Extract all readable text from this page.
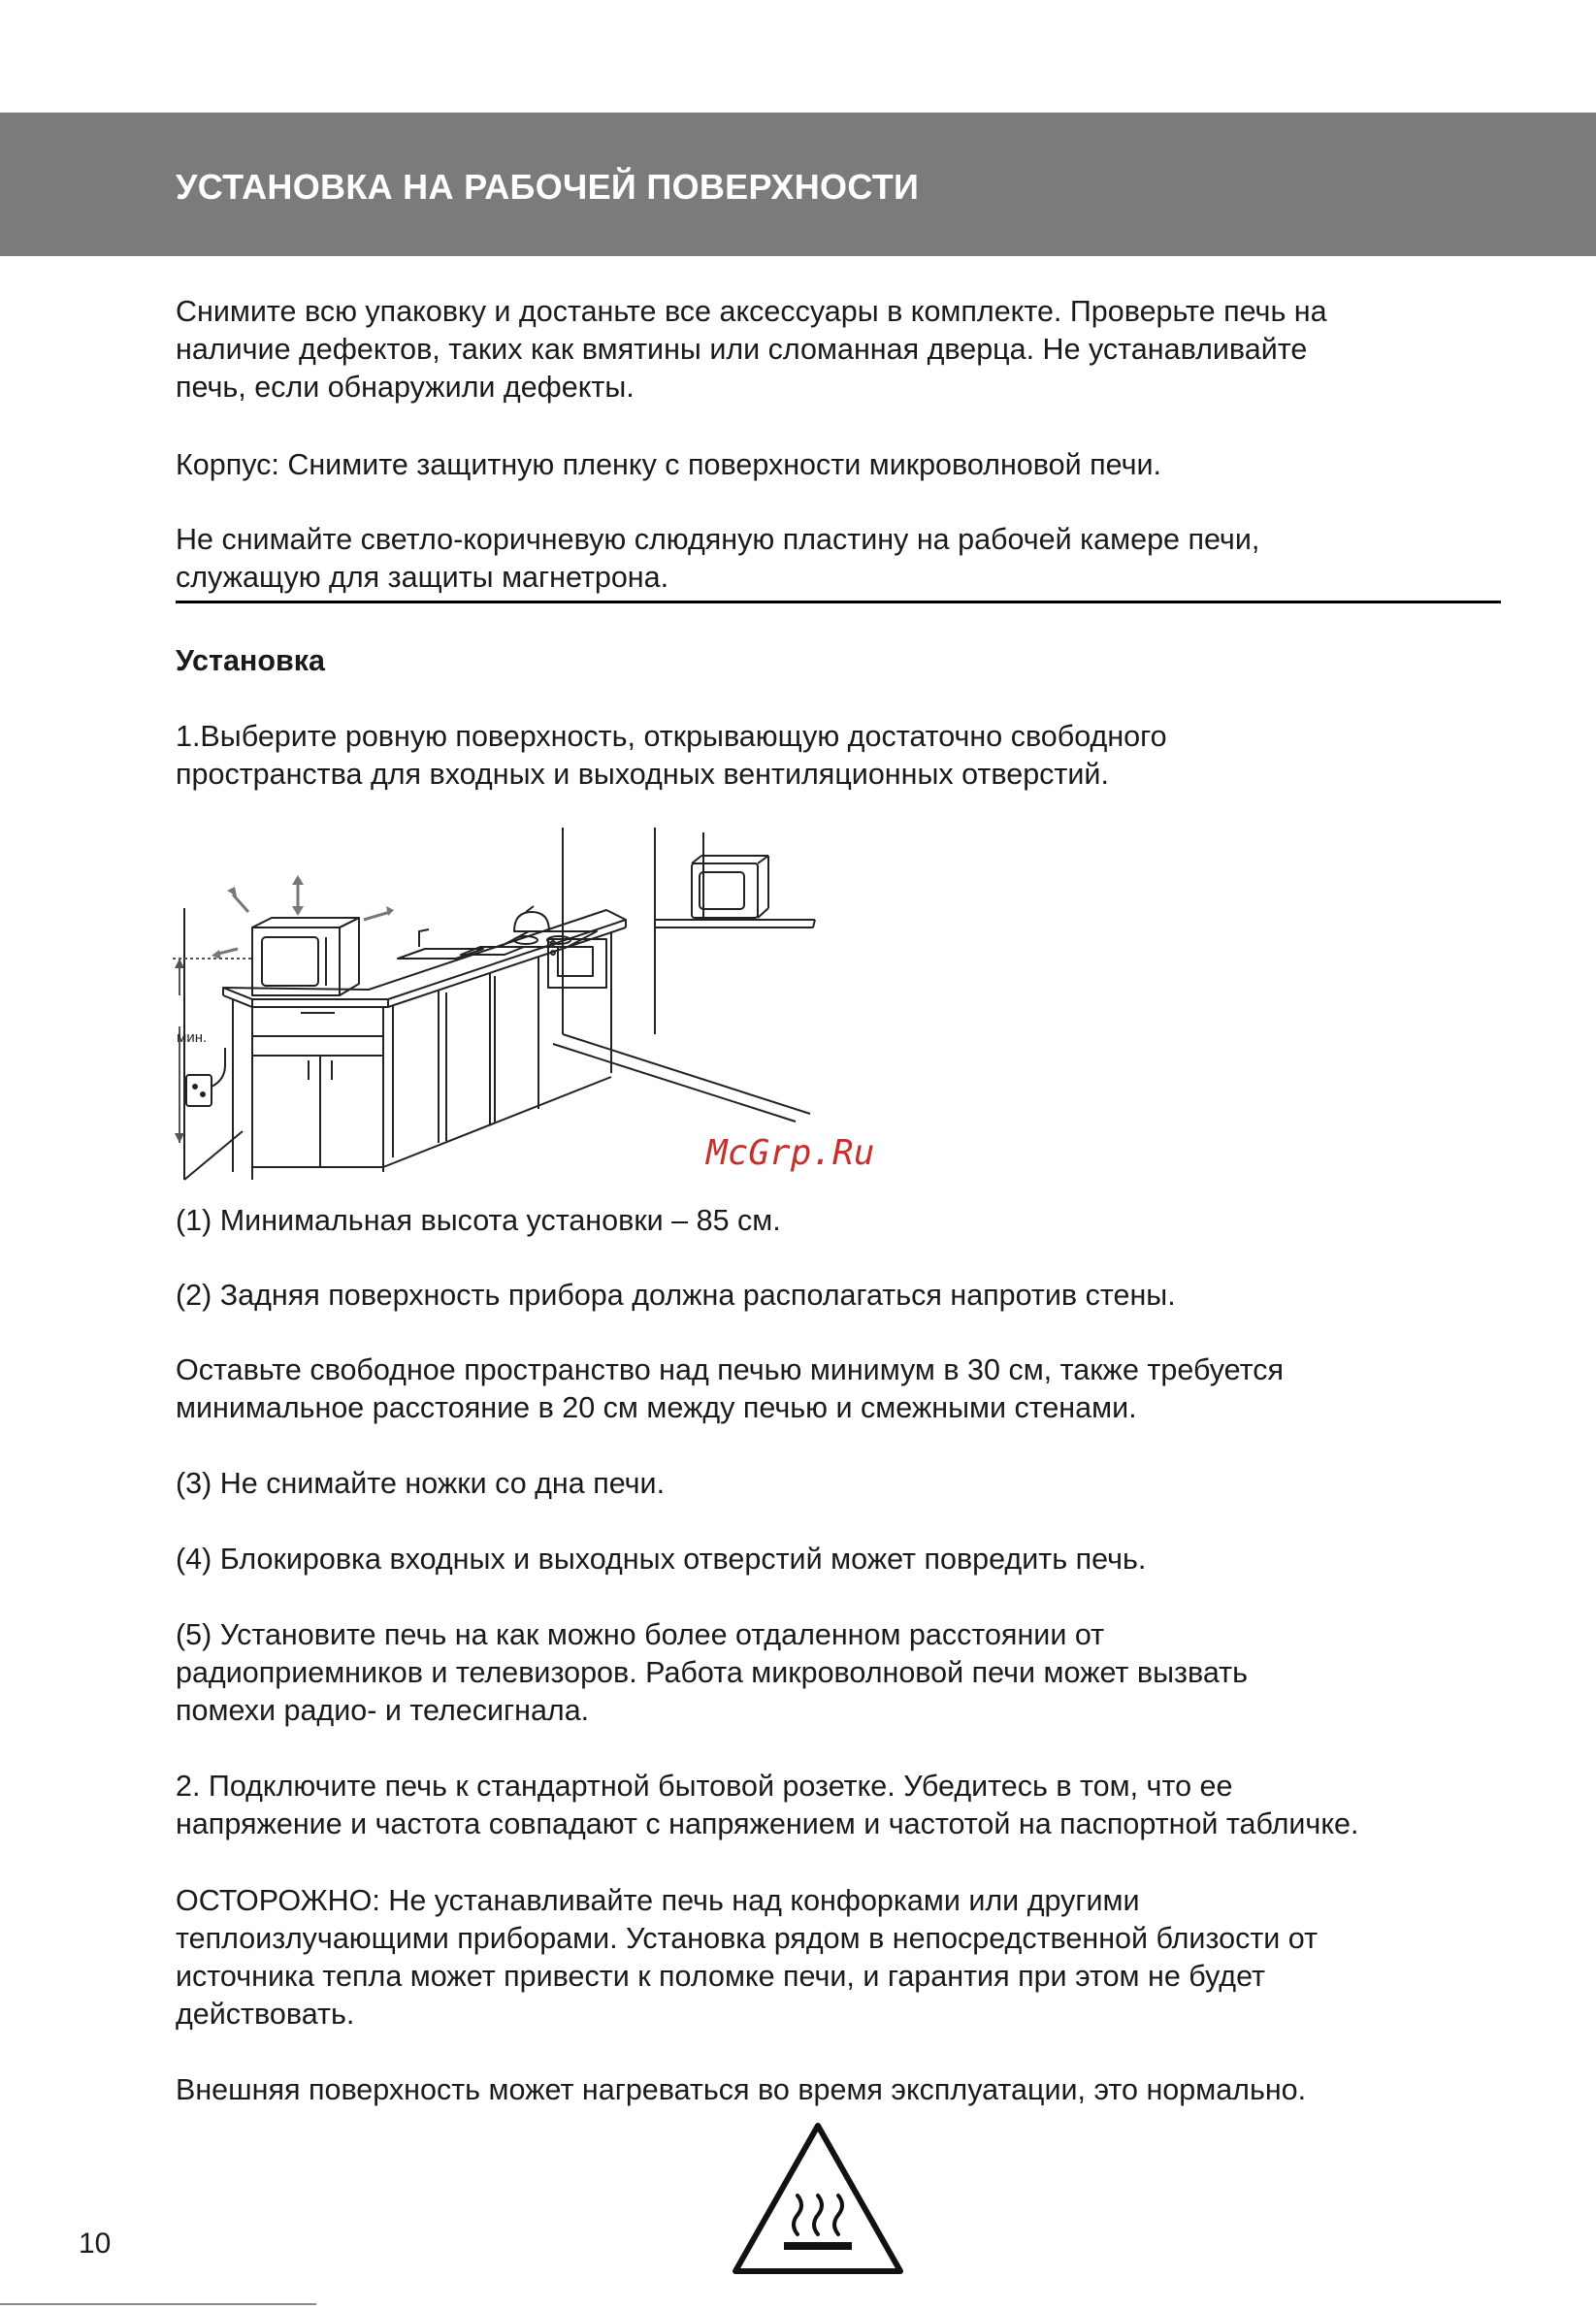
УСТАНОВКА НА РАБОЧЕЙ ПОВЕРХНОСТИ

Снимите всю упаковку и достаньте все аксессуары в комплекте. Проверьте печь на
наличие дефектов, таких как вмятины или сломанная дверца. Не устанавливайте
печь, если обнаружили дефекты.

Корпус: Снимите защитную пленку с поверхности микроволновой печи.

Не снимайте светло-коричневую слюдяную пластину на рабочей камере печи,
служащую для защиты магнетрона.

Установка

1.Выберите ровную поверхность, открывающую достаточно свободного
пространства для входных и выходных вентиляционных отверстий.

мин.
McGrp.Ru

(1) Минимальная высота установки – 85 см.

(2) Задняя поверхность прибора должна располагаться напротив стены.

Оставьте свободное пространство над печью минимум в 30 см, также требуется
минимальное расстояние в 20 см между печью и смежными стенами.

(3) Не снимайте ножки со дна печи.

(4) Блокировка входных и выходных отверстий может повредить печь.

(5) Установите печь на как можно более отдаленном расстоянии от
радиоприемников и телевизоров. Работа микроволновой печи может вызвать
помехи радио- и телесигнала.

2. Подключите печь к стандартной бытовой розетке. Убедитесь в том, что ее
напряжение и частота совпадают с напряжением и частотой на паспортной табличке.

ОСТОРОЖНО: Не устанавливайте печь над конфорками или другими
теплоизлучающими приборами. Установка рядом в непосредственной близости от
источника тепла может привести к поломке печи, и гарантия при этом не будет
действовать.

Внешняя поверхность может нагреваться во время эксплуатации, это нормально.

10
